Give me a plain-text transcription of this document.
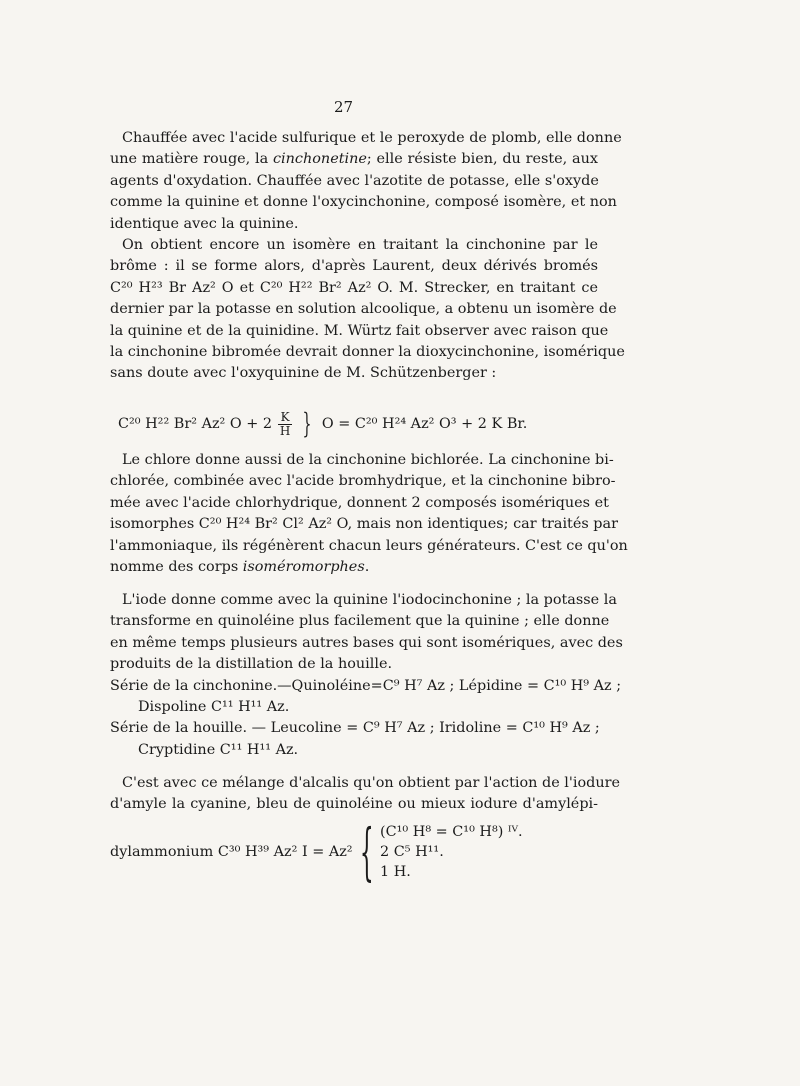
27
Chauffée avec l'acide sulfurique et le peroxyde de plomb, elle donne
une matière rouge, la cinchonetine; elle résiste bien, du reste, aux
agents d'oxydation. Chauffée avec l'azotite de potasse, elle s'oxyde
comme la quinine et donne l'oxycinchonine, composé isomère, et non
identique avec la quinine.
On obtient encore un isomère en traitant la cinchonine par le
brôme : il se forme alors, d'après Laurent, deux dérivés bromés
C²⁰ H²³ Br Az² O et C²⁰ H²² Br² Az² O. M. Strecker, en traitant ce
dernier par la potasse en solution alcoolique, a obtenu un isomère de
la quinine et de la quinidine. M. Würtz fait observer avec raison que
la cinchonine bibromée devrait donner la dioxycinchonine, isomérique
sans doute avec l'oxyquinine de M. Schützenberger :
C²⁰ H²² Br² Az² $O + 2 \frac{K}{H}$ } O = C²⁰ H²⁴ Az² O³ + 2 K Br.
Le chlore donne aussi de la cinchonine bichlorée. La cinchonine bi-
chlorée, combinée avec l'acide bromhydrique, et la cinchonine bibro-
mée avec l'acide chlorhydrique, donnent 2 composés isomériques et
isomorphes C²⁰ H²⁴ Br² Cl² Az² O, mais non identiques; car traités par
l'ammoniaque, ils régénèrent chacun leurs générateurs. C'est ce qu'on
nomme des corps isoméromorphes.
L'iode donne comme avec la quinine l'iodocinchonine ; la potasse la
transforme en quinoléine plus facilement que la quinine ; elle donne
en même temps plusieurs autres bases qui sont isomériques, avec des
produits de la distillation de la houille.
Série de la cinchonine.—Quinoléine=C⁹ H⁷ Az ; Lépidine = C¹⁰ H⁹ Az ;
Dispoline C¹¹ H¹¹ Az.
Série de la houille. — Leucoline = C⁹ H⁷ Az ; Iridoline = C¹⁰ H⁹ Az ;
Cryptidine C¹¹ H¹¹ Az.
C'est avec ce mélange d'alcalis qu'on obtient par l'action de l'iodure
d'amyle la cyanine, bleu de quinoléine ou mieux iodure d'amylépi-
dylammonium C³⁰ H³⁹ Az² I = Az² { (C¹⁰ H⁸ = C¹⁰ H⁸) ᴵⱽ.
2 C⁵ H¹¹.
1 H.
